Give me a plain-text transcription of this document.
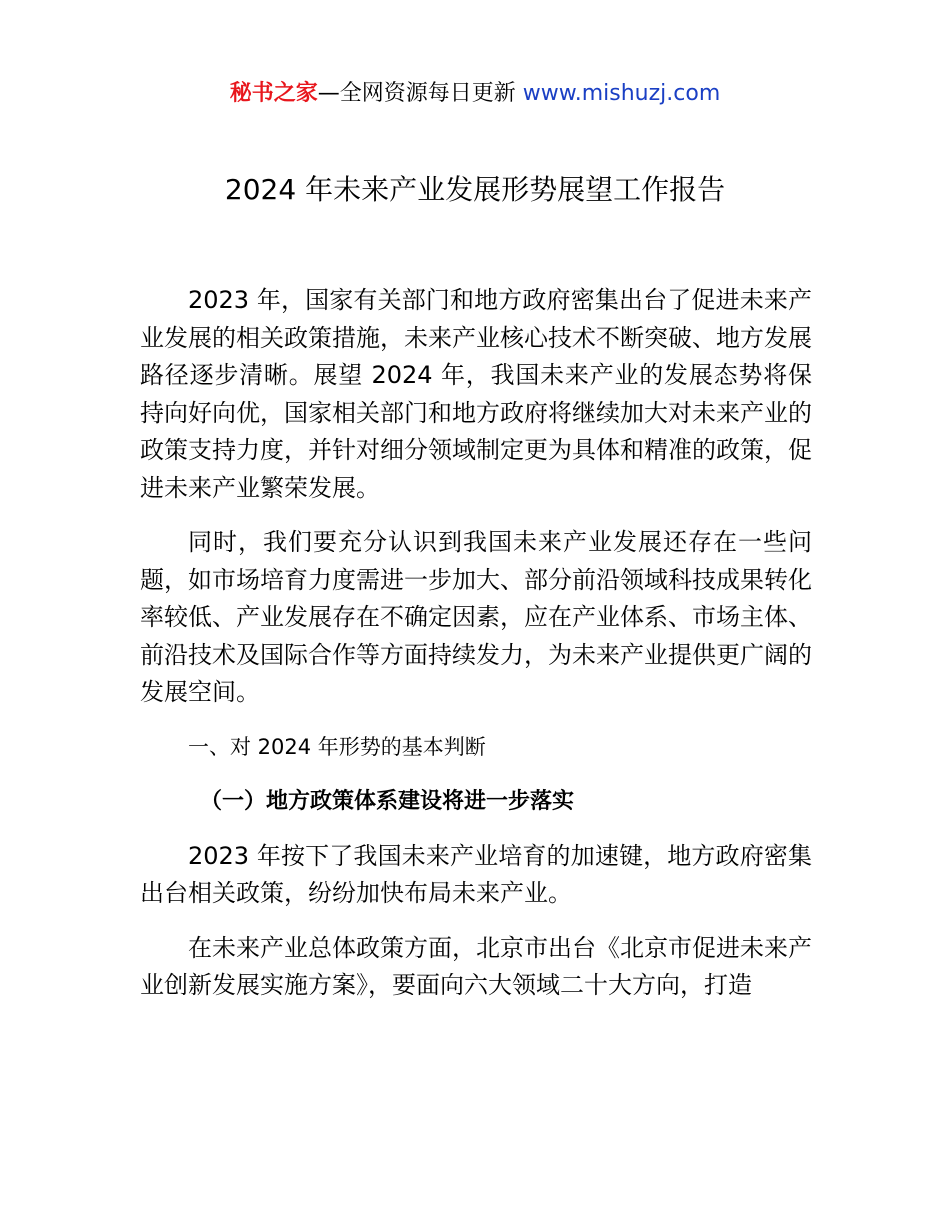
秘书之家—全网资源每日更新 www.mishuzj.com
2024 年未来产业发展形势展望工作报告

2023 年，国家有关部门和地方政府密集出台了促进未来产业发展的相关政策措施，未来产业核心技术不断突破、地方发展路径逐步清晰。展望 2024 年，我国未来产业的发展态势将保持向好向优，国家相关部门和地方政府将继续加大对未来产业的政策支持力度，并针对细分领域制定更为具体和精准的政策，促进未来产业繁荣发展。

同时，我们要充分认识到我国未来产业发展还存在一些问题，如市场培育力度需进一步加大、部分前沿领域科技成果转化率较低、产业发展存在不确定因素，应在产业体系、市场主体、前沿技术及国际合作等方面持续发力，为未来产业提供更广阔的发展空间。

一、对 2024 年形势的基本判断

（一）地方政策体系建设将进一步落实

2023 年按下了我国未来产业培育的加速键，地方政府密集出台相关政策，纷纷加快布局未来产业。

在未来产业总体政策方面，北京市出台《北京市促进未来产业创新发展实施方案》，要面向六大领域二十大方向，打造
